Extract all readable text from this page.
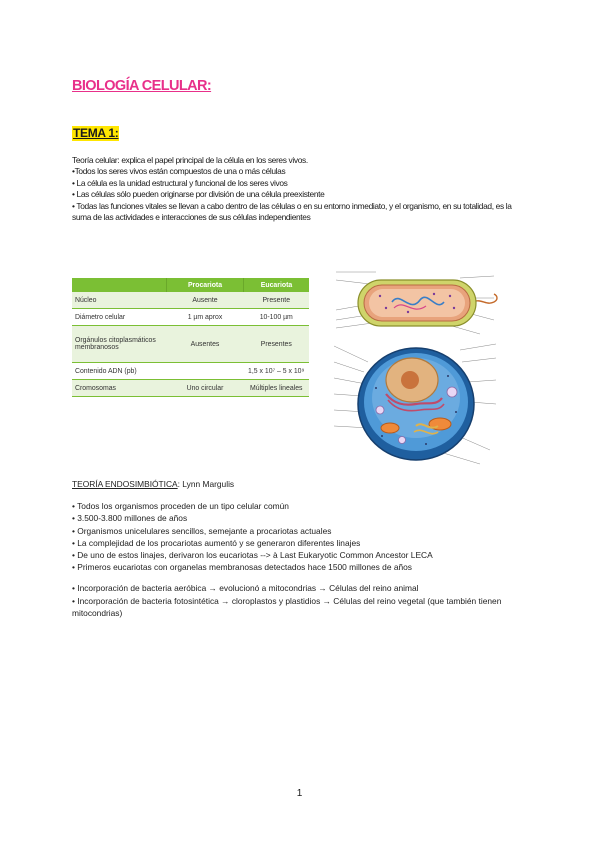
BIOLOGÍA CELULAR:
TEMA 1:
Teoría celular: explica el papel principal de la célula en los seres vivos.
•Todos los seres vivos están compuestos de una o más células
• La célula es la unidad estructural y funcional de los seres vivos
• Las células sólo pueden originarse por división de una célula preexistente
• Todas las funciones vitales se llevan a cabo dentro de las células o en su entorno inmediato, y el organismo, en su totalidad, es la suma de las actividades e interacciones de sus células independientes
	Procariota	Eucariota
Núcleo	Ausente	Presente
Diámetro celular	1 µm aprox	10-100 µm
Orgánulos citoplasmáticos membranosos	Ausentes	Presentes
Contenido ADN (pb)		1,5 x 10⁷ – 5 x 10⁹
Cromosomas	Uno circular	Múltiples lineales
TEORÍA ENDOSIMBIÓTICA: Lynn Margulis
• Todos los organismos proceden de un tipo celular común
• 3.500-3.800 millones de años
• Organismos unicelulares sencillos, semejante a procariotas actuales
• La complejidad de los procariotas aumentó y se generaron diferentes linajes
• De uno de estos linajes, derivaron los eucariotas --> à Last Eukaryotic Common Ancestor LECA
• Primeros eucariotas con organelas membranosas detectados hace 1500 millones de años
• Incorporación de bacteria aeróbica → evolucionó a mitocondrias → Células del reino animal
• Incorporación de bacteria fotosintética → cloroplastos y plastidios → Células del reino vegetal (que también tienen mitocondrias)
1
